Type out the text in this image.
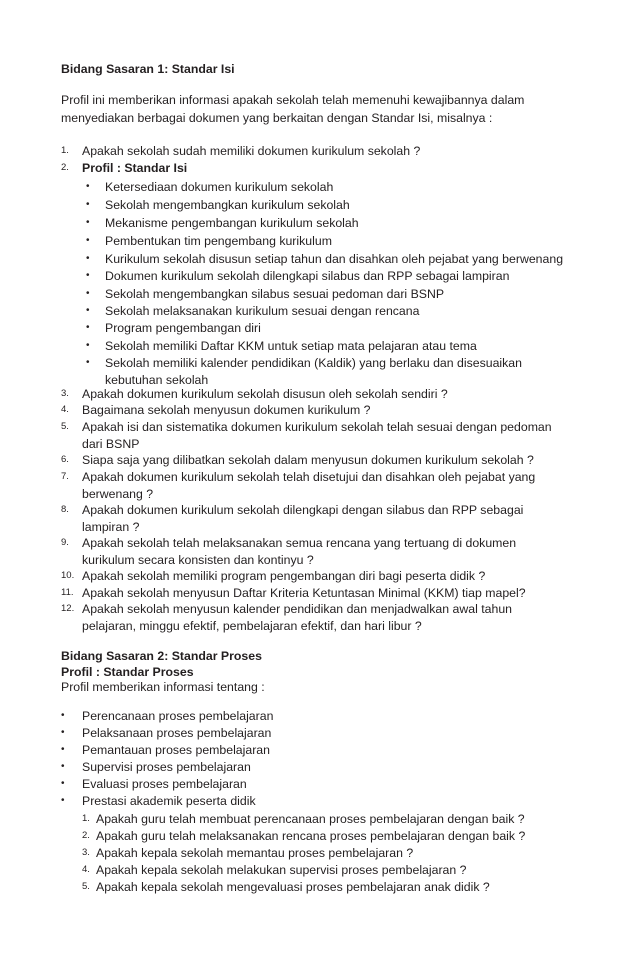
Bidang Sasaran 1: Standar Isi
Profil ini memberikan informasi apakah sekolah telah memenuhi kewajibannya dalam menyediakan berbagai dokumen yang berkaitan dengan Standar Isi, misalnya :
1. Apakah sekolah sudah memiliki dokumen kurikulum sekolah ?
2. Profil : Standar Isi
• Ketersediaan dokumen kurikulum sekolah
• Sekolah mengembangkan kurikulum sekolah
• Mekanisme pengembangan kurikulum sekolah
• Pembentukan tim pengembang kurikulum
• Kurikulum sekolah disusun setiap tahun dan disahkan oleh pejabat yang berwenang
• Dokumen kurikulum sekolah dilengkapi silabus dan RPP sebagai lampiran
• Sekolah mengembangkan silabus sesuai pedoman dari BSNP
• Sekolah melaksanakan kurikulum sesuai dengan rencana
• Program pengembangan diri
• Sekolah memiliki Daftar KKM untuk setiap mata pelajaran atau tema
• Sekolah memiliki kalender pendidikan (Kaldik) yang berlaku dan disesuaikan kebutuhan sekolah
3. Apakah dokumen kurikulum sekolah disusun oleh sekolah sendiri ?
4. Bagaimana sekolah menyusun dokumen kurikulum ?
5. Apakah isi dan sistematika dokumen kurikulum sekolah telah sesuai dengan pedoman dari BSNP
6. Siapa saja yang dilibatkan sekolah dalam menyusun dokumen kurikulum sekolah ?
7. Apakah dokumen kurikulum sekolah telah disetujui dan disahkan oleh pejabat yang berwenang ?
8. Apakah dokumen kurikulum sekolah dilengkapi dengan silabus dan RPP sebagai lampiran ?
9. Apakah sekolah telah melaksanakan semua rencana yang tertuang di dokumen kurikulum secara konsisten dan kontinyu ?
10. Apakah sekolah memiliki program pengembangan diri bagi peserta didik ?
11. Apakah sekolah menyusun Daftar Kriteria Ketuntasan Minimal (KKM) tiap mapel?
12. Apakah sekolah menyusun kalender pendidikan dan menjadwalkan awal tahun pelajaran, minggu efektif, pembelajaran efektif, dan hari libur ?
Bidang Sasaran 2: Standar Proses
Profil : Standar Proses
Profil memberikan informasi tentang :
• Perencanaan proses pembelajaran
• Pelaksanaan proses pembelajaran
• Pemantauan proses pembelajaran
• Supervisi proses pembelajaran
• Evaluasi proses pembelajaran
• Prestasi akademik peserta didik
1. Apakah guru telah membuat perencanaan proses pembelajaran dengan baik ?
2. Apakah guru telah melaksanakan rencana proses pembelajaran dengan baik ?
3. Apakah kepala sekolah memantau proses pembelajaran ?
4. Apakah kepala sekolah melakukan supervisi proses pembelajaran ?
5. Apakah kepala sekolah mengevaluasi proses pembelajaran anak didik ?
